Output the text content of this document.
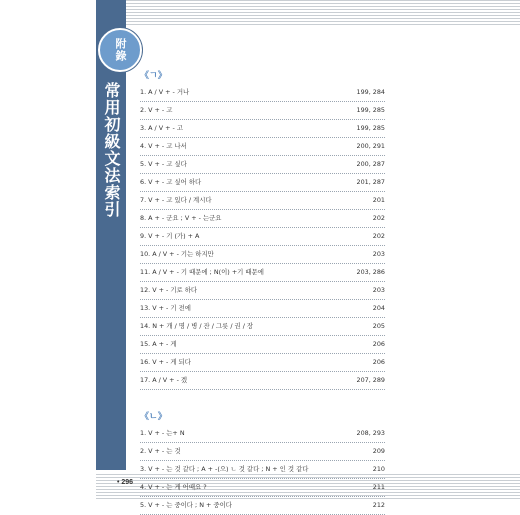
附錄
常用初級文法索引
《ㄱ》
1. A / V + - 거나	199, 284
2. V + - 고	199, 285
3. A / V + - 고	199, 285
4. V + - 고 나서	200, 291
5. V + - 고 싶다	200, 287
6. V + - 고 싶어 하다	201, 287
7. V + - 고 있다 / 계시다	201
8. A + - 군요 ; V + - 는군요	202
9. V + - 기 (가) + A	202
10. A / V + - 기는 하지만	203
11. A / V + - 기 때문에 ; N(이) +기 때문에	203, 286
12. V + - 기로 하다	203
13. V + - 기 전에	204
14. N + 개 / 명 / 병 / 잔 / 그릇 / 권 / 장	205
15. A + - 게	206
16. V + - 게 되다	206
17. A / V + - 겠	207, 289
《ㄴ》
1. V + - 는+ N	208, 293
2. V + - 는 것	209
3. V + - 는 것 같다 ; A + -(으) ㄴ 것 같다 ; N + 인 것 같다	210
4. V + - 는 게 어때요 ?	211
5. V + - 는 중이다 ; N + 중이다	212
• 296
